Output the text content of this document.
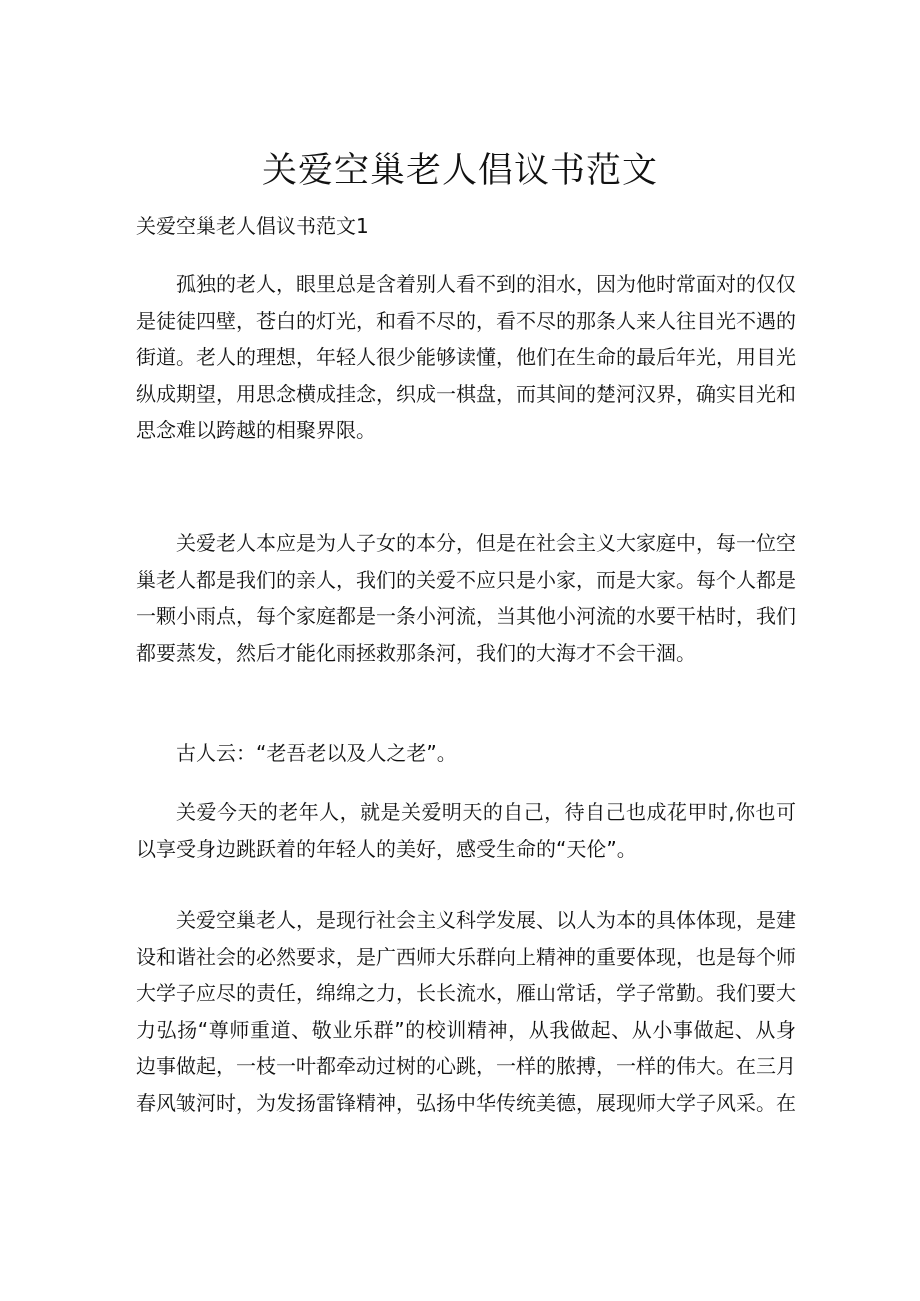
关爱空巢老人倡议书范文

关爱空巢老人倡议书范文1

孤独的老人，眼里总是含着别人看不到的泪水，因为他时常面对的仅仅
是徒徒四壁，苍白的灯光，和看不尽的，看不尽的那条人来人往目光不遇的
街道。老人的理想，年轻人很少能够读懂，他们在生命的最后年光，用目光
纵成期望，用思念横成挂念，织成一棋盘，而其间的楚河汉界，确实目光和
思念难以跨越的相聚界限。

关爱老人本应是为人子女的本分，但是在社会主义大家庭中，每一位空
巢老人都是我们的亲人，我们的关爱不应只是小家，而是大家。每个人都是
一颗小雨点，每个家庭都是一条小河流，当其他小河流的水要干枯时，我们
都要蒸发，然后才能化雨拯救那条河，我们的大海才不会干涸。

古人云：“老吾老以及人之老”。

关爱今天的老年人，就是关爱明天的自己，待自己也成花甲时,你也可
以享受身边跳跃着的年轻人的美好，感受生命的“天伦”。

关爱空巢老人，是现行社会主义科学发展、以人为本的具体体现，是建
设和谐社会的必然要求，是广西师大乐群向上精神的重要体现，也是每个师
大学子应尽的责任，绵绵之力，长长流水，雁山常话，学子常勤。我们要大
力弘扬“尊师重道、敬业乐群”的校训精神，从我做起、从小事做起、从身
边事做起，一枝一叶都牵动过树的心跳，一样的脓搏，一样的伟大。在三月
春风皱河时，为发扬雷锋精神，弘扬中华传统美德，展现师大学子风采。在
